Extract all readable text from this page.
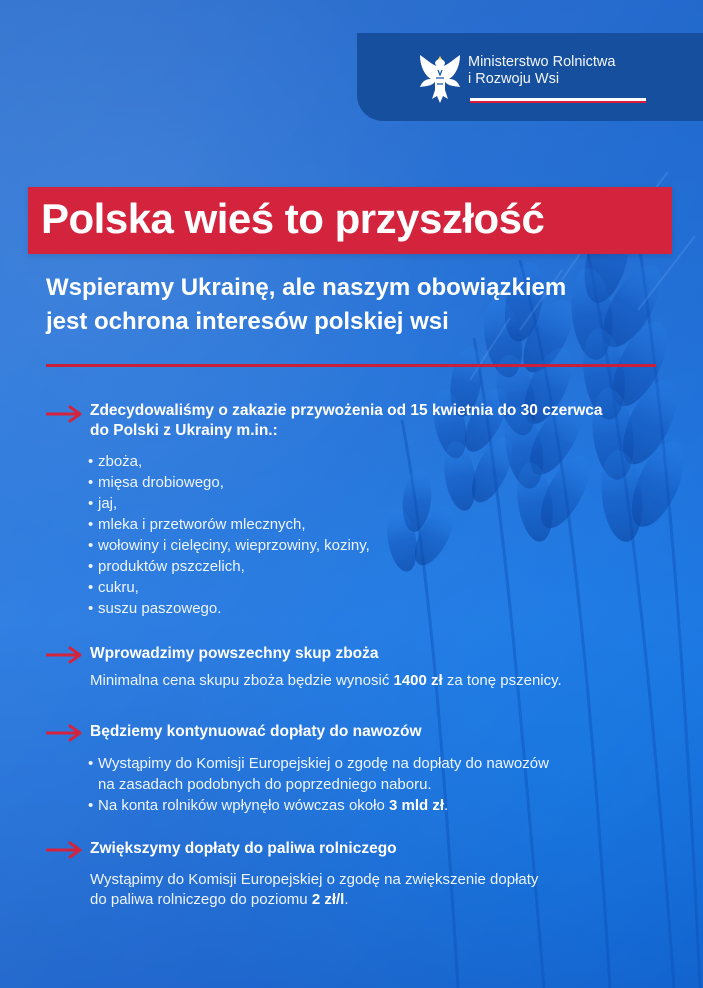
Ministerstwo Rolnictwa
i Rozwoju Wsi
Polska wieś to przyszłość
Wspieramy Ukrainę, ale naszym obowiązkiem
jest ochrona interesów polskiej wsi
Zdecydowaliśmy o zakazie przywożenia od 15 kwietnia do 30 czerwca
do Polski z Ukrainy m.in.:
• zboża,
• mięsa drobiowego,
• jaj,
• mleka i przetworów mlecznych,
• wołowiny i cielęciny, wieprzowiny, koziny,
• produktów pszczelich,
• cukru,
• suszu paszowego.
Wprowadzimy powszechny skup zboża
Minimalna cena skupu zboża będzie wynosić 1400 zł za tonę pszenicy.
Będziemy kontynuować dopłaty do nawozów
• Wystąpimy do Komisji Europejskiej o zgodę na dopłaty do nawozów
na zasadach podobnych do poprzedniego naboru.
• Na konta rolników wpłynęło wówczas około 3 mld zł.
Zwiększymy dopłaty do paliwa rolniczego
Wystąpimy do Komisji Europejskiej o zgodę na zwiększenie dopłaty
do paliwa rolniczego do poziomu 2 zł/l.
